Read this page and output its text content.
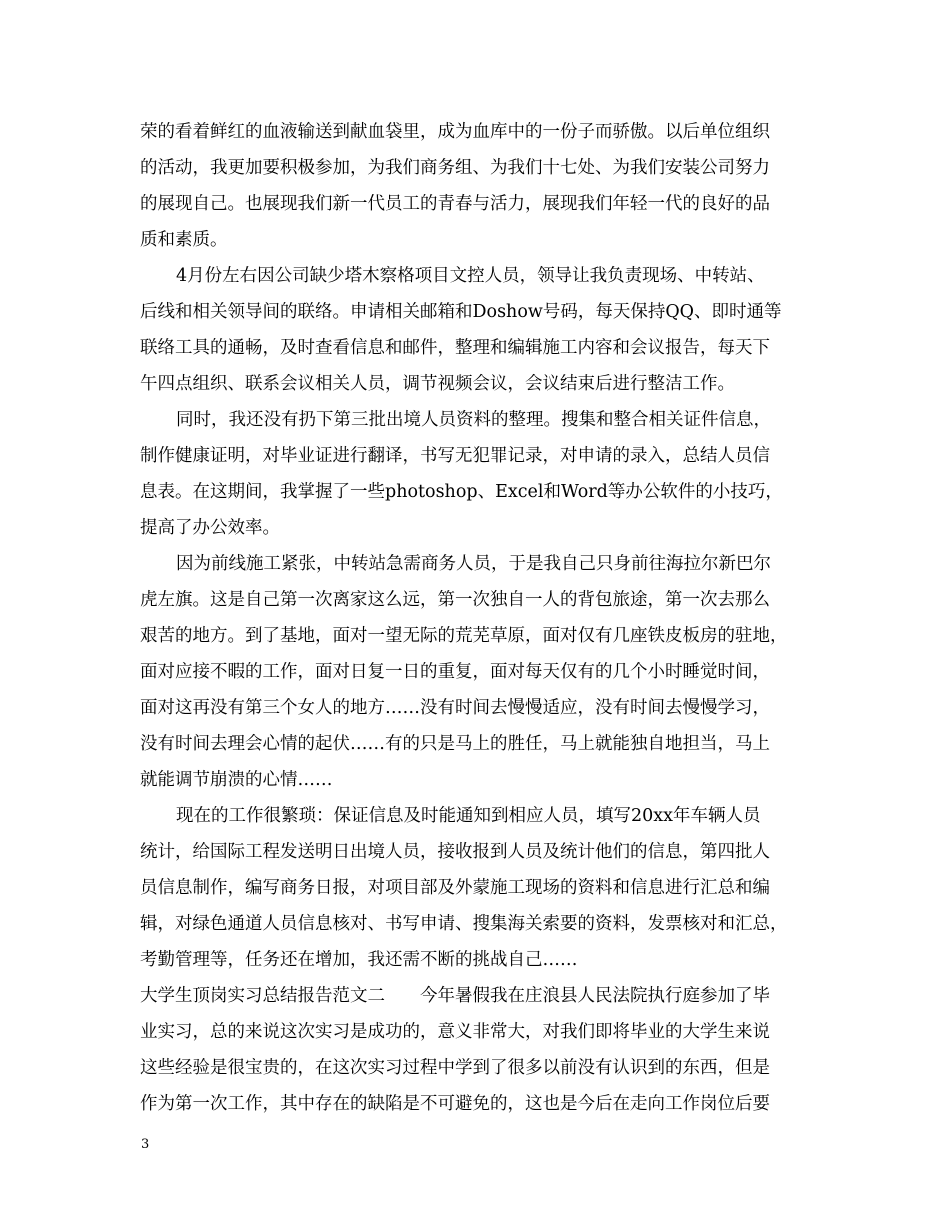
荣的看着鲜红的血液输送到献血袋里，成为血库中的一份子而骄傲。以后单位组织
的活动，我更加要积极参加，为我们商务组、为我们十七处、为我们安装公司努力
的展现自己。也展现我们新一代员工的青春与活力，展现我们年轻一代的良好的品
质和素质。
4月份左右因公司缺少塔木察格项目文控人员，领导让我负责现场、中转站、
后线和相关领导间的联络。申请相关邮箱和Doshow号码，每天保持QQ、即时通等
联络工具的通畅，及时查看信息和邮件，整理和编辑施工内容和会议报告，每天下
午四点组织、联系会议相关人员，调节视频会议，会议结束后进行整洁工作。
同时，我还没有扔下第三批出境人员资料的整理。搜集和整合相关证件信息，
制作健康证明，对毕业证进行翻译，书写无犯罪记录，对申请的录入，总结人员信
息表。在这期间，我掌握了一些photoshop、Excel和Word等办公软件的小技巧，
提高了办公效率。
因为前线施工紧张，中转站急需商务人员，于是我自己只身前往海拉尔新巴尔
虎左旗。这是自己第一次离家这么远，第一次独自一人的背包旅途，第一次去那么
艰苦的地方。到了基地，面对一望无际的荒芜草原，面对仅有几座铁皮板房的驻地，
面对应接不暇的工作，面对日复一日的重复，面对每天仅有的几个小时睡觉时间，
面对这再没有第三个女人的地方……没有时间去慢慢适应，没有时间去慢慢学习，
没有时间去理会心情的起伏……有的只是马上的胜任，马上就能独自地担当，马上
就能调节崩溃的心情……
现在的工作很繁琐：保证信息及时能通知到相应人员，填写20xx年车辆人员
统计，给国际工程发送明日出境人员，接收报到人员及统计他们的信息，第四批人
员信息制作，编写商务日报，对项目部及外蒙施工现场的资料和信息进行汇总和编
辑，对绿色通道人员信息核对、书写申请、搜集海关索要的资料，发票核对和汇总，
考勤管理等，任务还在增加，我还需不断的挑战自己……
大学生顶岗实习总结报告范文二　　今年暑假我在庄浪县人民法院执行庭参加了毕
业实习，总的来说这次实习是成功的，意义非常大，对我们即将毕业的大学生来说
这些经验是很宝贵的，在这次实习过程中学到了很多以前没有认识到的东西，但是
作为第一次工作，其中存在的缺陷是不可避免的，这也是今后在走向工作岗位后要
3
